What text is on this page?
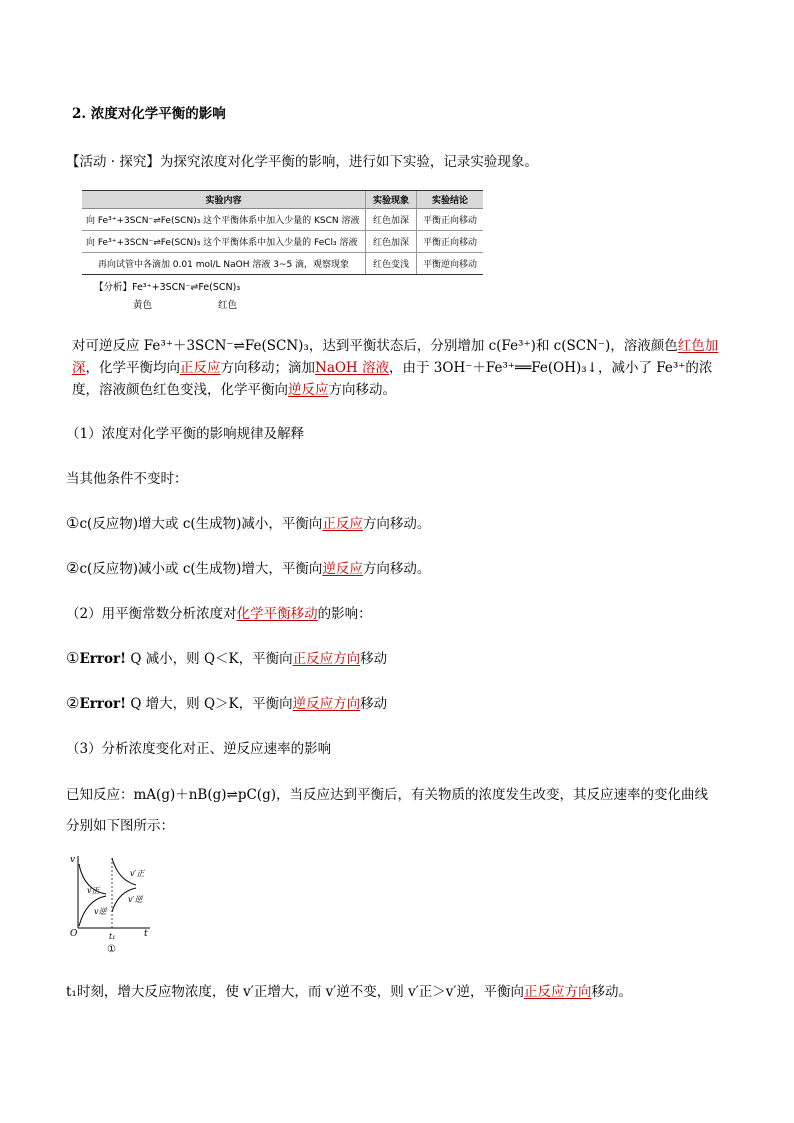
2. 浓度对化学平衡的影响
【活动 · 探究】为探究浓度对化学平衡的影响，进行如下实验，记录实验现象。
实验内容	实验现象	实验结论
向 Fe³⁺+3SCN⁻⇌Fe(SCN)₃ 这个平衡体系中加入少量的 KSCN 溶液	红色加深	平衡正向移动
向 Fe³⁺+3SCN⁻⇌Fe(SCN)₃ 这个平衡体系中加入少量的 FeCl₃ 溶液	红色加深	平衡正向移动
再向试管中各滴加 0.01 mol/L NaOH 溶液 3~5 滴，观察现象	红色变浅	平衡逆向移动
【分析】Fe³⁺+3SCN⁻⇌Fe(SCN)₃
黄色	红色
对可逆反应 Fe³⁺＋3SCN⁻⇌Fe(SCN)₃，达到平衡状态后，分别增加 c(Fe³⁺)和 c(SCN⁻)，溶液颜色红色加
深，化学平衡均向正反应方向移动；滴加NaOH 溶液，由于 3OH⁻＋Fe³⁺══Fe(OH)₃↓，减小了 Fe³⁺的浓
度，溶液颜色红色变浅，化学平衡向逆反应方向移动。
（1）浓度对化学平衡的影响规律及解释
当其他条件不变时：
①c(反应物)增大或 c(生成物)减小，平衡向正反应方向移动。
②c(反应物)减小或 c(生成物)增大，平衡向逆反应方向移动。
（2）用平衡常数分析浓度对化学平衡移动的影响：
①Error! Q 减小，则 Q＜K，平衡向正反应方向移动
②Error! Q 增大，则 Q＞K，平衡向逆反应方向移动
（3）分析浓度变化对正、逆反应速率的影响
已知反应：mA(g)＋nB(g)⇌pC(g)，当反应达到平衡后，有关物质的浓度发生改变，其反应速率的变化曲线
分别如下图所示：
v
t
O
v正
v逆
v′正
v′逆
t₁
①
t₁时刻，增大反应物浓度，使 v′正增大，而 v′逆不变，则 v′正＞v′逆，平衡向正反应方向移动。
